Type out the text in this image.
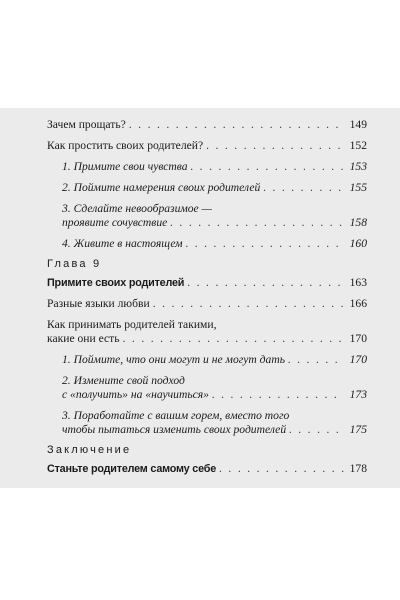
Зачем прощать? . . .	149
Как простить своих родителей? . . .	152
1. Примите свои чувства . . .	153
2. Поймите намерения своих родителей . . .	155
3. Сделайте невообразимое —
проявите сочувствие . . .	158
4. Живите в настоящем . . .	160
Глава 9
Примите своих родителей . . .	163
Разные языки любви . . .	166
Как принимать родителей такими,
какие они есть . . .	170
1. Поймите, что они могут и не могут дать . . .	170
2. Измените свой подход
с «получить» на «научиться» . . .	173
3. Поработайте с вашим горем, вместо того
чтобы пытаться изменить своих родителей . . .	175
Заключение
Станьте родителем самому себе . . .	178
